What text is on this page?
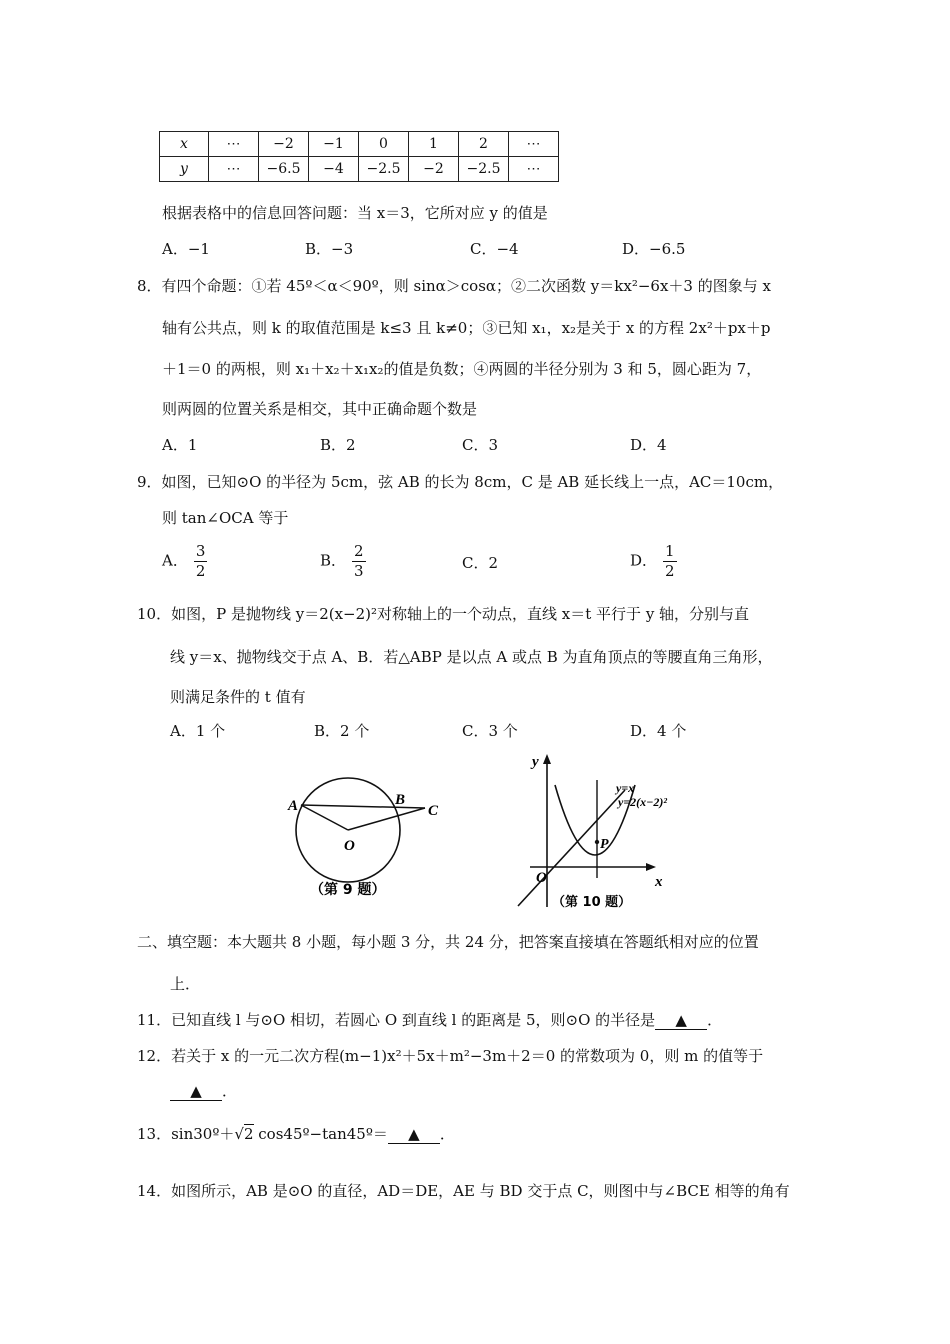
x	⋯	−2	−1	0	1	2	⋯
y	⋯	−6.5	−4	−2.5	−2	−2.5	⋯
根据表格中的信息回答问题：当 x＝3，它所对应 y 的值是
A．−1	B．−3	C．−4	D．−6.5
8．有四个命题：①若 45º＜α＜90º，则 sinα＞cosα；②二次函数 y＝kx²−6x＋3 的图象与 x
轴有公共点，则 k 的取值范围是 k≤3 且 k≠0；③已知 x₁，x₂是关于 x 的方程 2x²＋px＋p
＋1＝0 的两根，则 x₁＋x₂＋x₁x₂的值是负数；④两圆的半径分别为 3 和 5，圆心距为 7，
则两圆的位置关系是相交，其中正确命题个数是
A．1	B．2	C．3	D．4
9．如图，已知⊙O 的半径为 5cm，弦 AB 的长为 8cm，C 是 AB 延长线上一点，AC＝10cm，
则 tan∠OCA 等于
A． $\frac{3}{2}$	B． $\frac{2}{3}$	C．2	D． $\frac{1}{2}$
10．如图，P 是抛物线 y＝2(x−2)²对称轴上的一个动点，直线 x＝t 平行于 y 轴，分别与直
线 y＝x、抛物线交于点 A、B．若△ABP 是以点 A 或点 B 为直角顶点的等腰直角三角形，
则满足条件的 t 值有
A．1 个	B．2 个	C．3 个	D．4 个
A	B
C
O
（第 9 题）
y
x
O
P
y=x
y=2(x−2)²
（第 10 题）
二、填空题：本大题共 8 小题，每小题 3 分，共 24 分，把答案直接填在答题纸相对应的位置
上．
11．已知直线 l 与⊙O 相切，若圆心 O 到直线 l 的距离是 5，则⊙O 的半径是 ▲ ．
12．若关于 x 的一元二次方程(m−1)x²＋5x＋m²−3m＋2＝0 的常数项为 0，则 m 的值等于
▲ ．
13．sin30º＋√2 cos45º−tan45º＝ ▲ ．
14．如图所示，AB 是⊙O 的直径，AD＝DE，AE 与 BD 交于点 C，则图中与∠BCE 相等的角有
